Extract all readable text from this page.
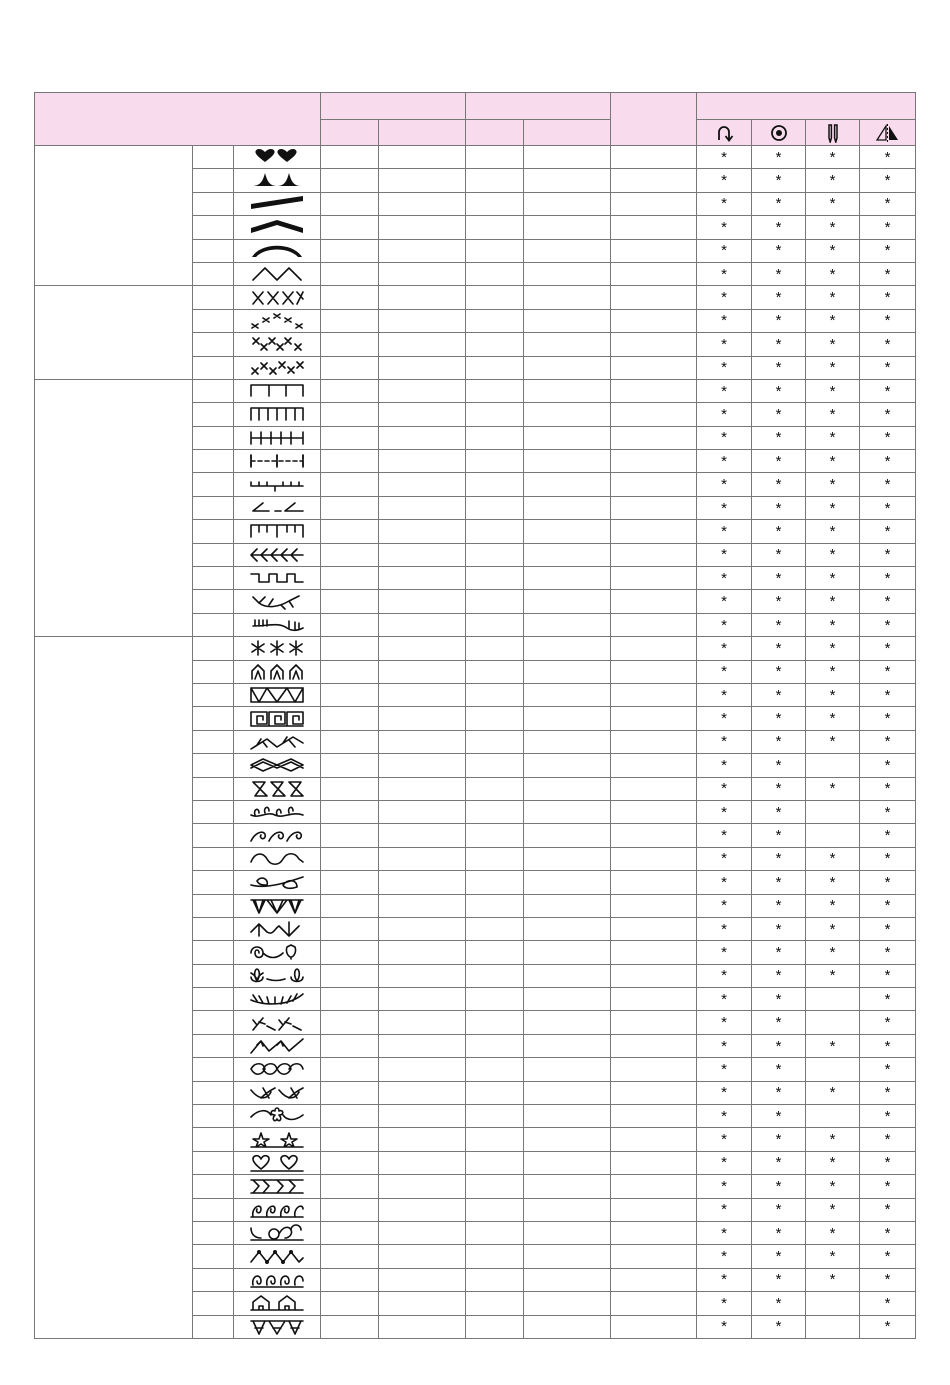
						*	*	*	*

						*	*	*	*

						*	*	*	*

						*	*	*	*

						*	*	*	*

						*	*	*	*

						*	*	*	*

						*	*	*	*

						*	*	*	*

						*	*	*	*

						*	*	*	*

						*	*	*	*

						*	*	*	*

						*	*	*	*

						*	*	*	*

						*	*	*	*

						*	*	*	*

						*	*	*	*

						*	*	*	*

						*	*	*	*

						*	*	*	*

						*	*	*	*

						*	*	*	*

						*	*	*	*

						*	*	*	*

						*	*	*	*

						*	*		*

						*	*	*	*

						*	*		*

						*	*		*

						*	*	*	*

						*	*	*	*

						*	*	*	*

						*	*	*	*

						*	*	*	*

						*	*	*	*

						*	*		*

						*	*		*

						*	*	*	*

						*	*		*

						*	*	*	*

						*	*		*

						*	*	*	*

						*	*	*	*

						*	*	*	*

						*	*	*	*

						*	*	*	*

						*	*	*	*

						*	*	*	*

						*	*		*

						*	*		*
